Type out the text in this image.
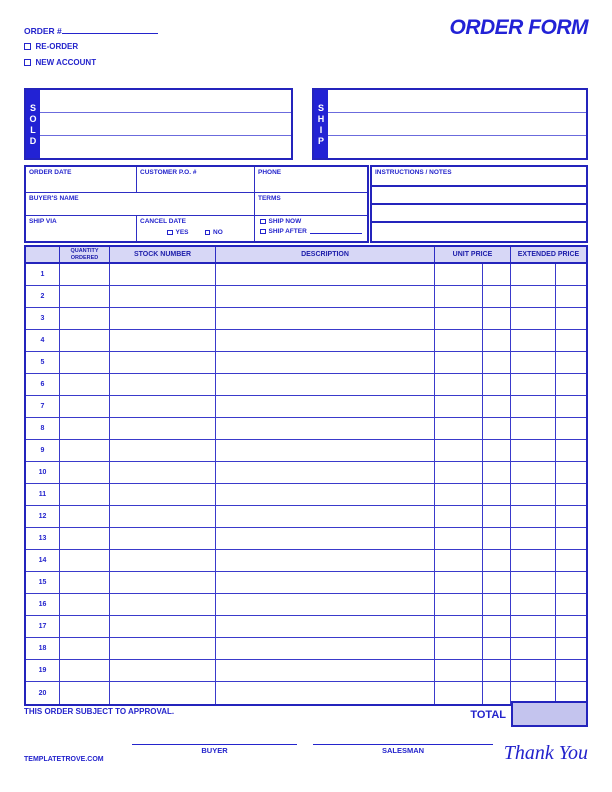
ORDER #
RE-ORDER
NEW ACCOUNT
ORDER FORM
SOLD TO	SHIP TO
ORDER DATE	CUSTOMER P.O. #	PHONE
BUYER'S NAME	TERMS
SHIP VIA	CANCEL DATE
YES	NO
SHIP NOW
SHIP AFTER
INSTRUCTIONS / NOTES
QUANTITY
ORDERED	STOCK NUMBER	DESCRIPTION	UNIT PRICE	EXTENDED PRICE
1
2
3
4
5
6
7
8
9
10
11
12
13
14
15
16
17
18
19
20
THIS ORDER SUBJECT TO APPROVAL.	TOTAL
BUYER	SALESMAN
TEMPLATETROVE.COM	Thank You
